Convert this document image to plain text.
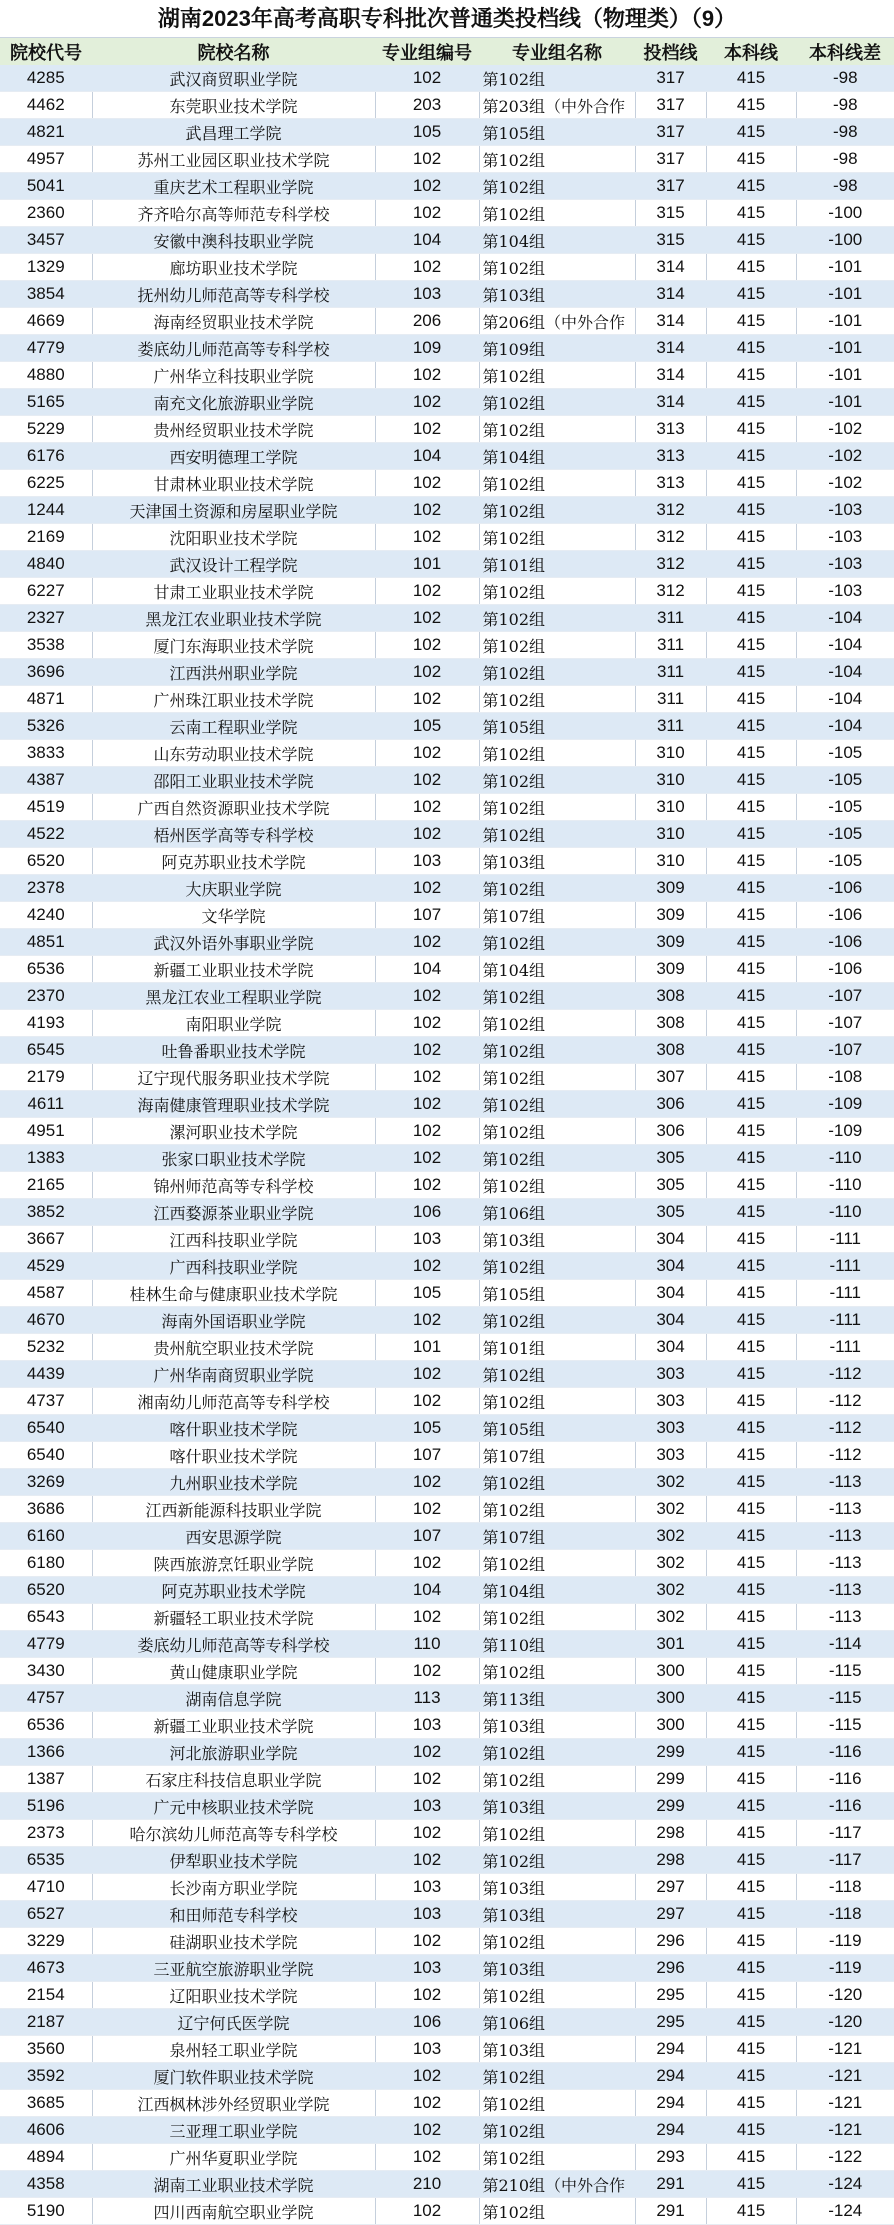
湖南2023年高考高职专科批次普通类投档线（物理类）（9）
院校代号	院校名称	专业组编号	专业组名称	投档线	本科线	本科线差
4285	武汉商贸职业学院	102	第102组	317	415	-98
4462	东莞职业技术学院	203	第203组（中外合作	317	415	-98
4821	武昌理工学院	105	第105组	317	415	-98
4957	苏州工业园区职业技术学院	102	第102组	317	415	-98
5041	重庆艺术工程职业学院	102	第102组	317	415	-98
2360	齐齐哈尔高等师范专科学校	102	第102组	315	415	-100
3457	安徽中澳科技职业学院	104	第104组	315	415	-100
1329	廊坊职业技术学院	102	第102组	314	415	-101
3854	抚州幼儿师范高等专科学校	103	第103组	314	415	-101
4669	海南经贸职业技术学院	206	第206组（中外合作	314	415	-101
4779	娄底幼儿师范高等专科学校	109	第109组	314	415	-101
4880	广州华立科技职业学院	102	第102组	314	415	-101
5165	南充文化旅游职业学院	102	第102组	314	415	-101
5229	贵州经贸职业技术学院	102	第102组	313	415	-102
6176	西安明德理工学院	104	第104组	313	415	-102
6225	甘肃林业职业技术学院	102	第102组	313	415	-102
1244	天津国土资源和房屋职业学院	102	第102组	312	415	-103
2169	沈阳职业技术学院	102	第102组	312	415	-103
4840	武汉设计工程学院	101	第101组	312	415	-103
6227	甘肃工业职业技术学院	102	第102组	312	415	-103
2327	黑龙江农业职业技术学院	102	第102组	311	415	-104
3538	厦门东海职业技术学院	102	第102组	311	415	-104
3696	江西洪州职业学院	102	第102组	311	415	-104
4871	广州珠江职业技术学院	102	第102组	311	415	-104
5326	云南工程职业学院	105	第105组	311	415	-104
3833	山东劳动职业技术学院	102	第102组	310	415	-105
4387	邵阳工业职业技术学院	102	第102组	310	415	-105
4519	广西自然资源职业技术学院	102	第102组	310	415	-105
4522	梧州医学高等专科学校	102	第102组	310	415	-105
6520	阿克苏职业技术学院	103	第103组	310	415	-105
2378	大庆职业学院	102	第102组	309	415	-106
4240	文华学院	107	第107组	309	415	-106
4851	武汉外语外事职业学院	102	第102组	309	415	-106
6536	新疆工业职业技术学院	104	第104组	309	415	-106
2370	黑龙江农业工程职业学院	102	第102组	308	415	-107
4193	南阳职业学院	102	第102组	308	415	-107
6545	吐鲁番职业技术学院	102	第102组	308	415	-107
2179	辽宁现代服务职业技术学院	102	第102组	307	415	-108
4611	海南健康管理职业技术学院	102	第102组	306	415	-109
4951	漯河职业技术学院	102	第102组	306	415	-109
1383	张家口职业技术学院	102	第102组	305	415	-110
2165	锦州师范高等专科学校	102	第102组	305	415	-110
3852	江西婺源茶业职业学院	106	第106组	305	415	-110
3667	江西科技职业学院	103	第103组	304	415	-111
4529	广西科技职业学院	102	第102组	304	415	-111
4587	桂林生命与健康职业技术学院	105	第105组	304	415	-111
4670	海南外国语职业学院	102	第102组	304	415	-111
5232	贵州航空职业技术学院	101	第101组	304	415	-111
4439	广州华南商贸职业学院	102	第102组	303	415	-112
4737	湘南幼儿师范高等专科学校	102	第102组	303	415	-112
6540	喀什职业技术学院	105	第105组	303	415	-112
6540	喀什职业技术学院	107	第107组	303	415	-112
3269	九州职业技术学院	102	第102组	302	415	-113
3686	江西新能源科技职业学院	102	第102组	302	415	-113
6160	西安思源学院	107	第107组	302	415	-113
6180	陕西旅游烹饪职业学院	102	第102组	302	415	-113
6520	阿克苏职业技术学院	104	第104组	302	415	-113
6543	新疆轻工职业技术学院	102	第102组	302	415	-113
4779	娄底幼儿师范高等专科学校	110	第110组	301	415	-114
3430	黄山健康职业学院	102	第102组	300	415	-115
4757	湖南信息学院	113	第113组	300	415	-115
6536	新疆工业职业技术学院	103	第103组	300	415	-115
1366	河北旅游职业学院	102	第102组	299	415	-116
1387	石家庄科技信息职业学院	102	第102组	299	415	-116
5196	广元中核职业技术学院	103	第103组	299	415	-116
2373	哈尔滨幼儿师范高等专科学校	102	第102组	298	415	-117
6535	伊犁职业技术学院	102	第102组	298	415	-117
4710	长沙南方职业学院	103	第103组	297	415	-118
6527	和田师范专科学校	103	第103组	297	415	-118
3229	硅湖职业技术学院	102	第102组	296	415	-119
4673	三亚航空旅游职业学院	103	第103组	296	415	-119
2154	辽阳职业技术学院	102	第102组	295	415	-120
2187	辽宁何氏医学院	106	第106组	295	415	-120
3560	泉州轻工职业学院	103	第103组	294	415	-121
3592	厦门软件职业技术学院	102	第102组	294	415	-121
3685	江西枫林涉外经贸职业学院	102	第102组	294	415	-121
4606	三亚理工职业学院	102	第102组	294	415	-121
4894	广州华夏职业学院	102	第102组	293	415	-122
4358	湖南工业职业技术学院	210	第210组（中外合作	291	415	-124
5190	四川西南航空职业学院	102	第102组	291	415	-124
